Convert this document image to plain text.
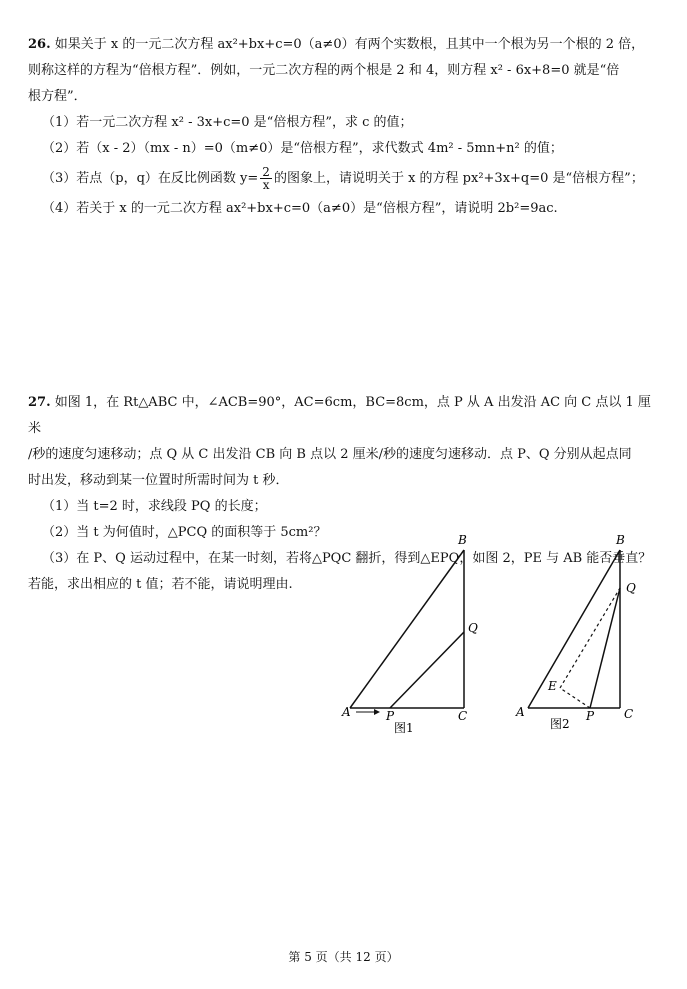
26. 如果关于 x 的一元二次方程 ax²+bx+c=0（a≠0）有两个实数根，且其中一个根为另一个根的 2 倍，

则称这样的方程为“倍根方程”．例如，一元二次方程的两个根是 2 和 4，则方程 x² - 6x+8=0 就是“倍

根方程”．

（1）若一元二次方程 x² - 3x+c=0 是“倍根方程”，求 c 的值；

（2）若（x - 2）（mx - n）=0（m≠0）是“倍根方程”，求代数式 4m² - 5mn+n² 的值；

（3）若点（p，q）在反比例函数 $y= \frac{2}{x}$ 的图象上，请说明关于 x 的方程 px²+3x+q=0 是“倍根方程”；

（4）若关于 x 的一元二次方程 ax²+bx+c=0（a≠0）是“倍根方程”，请说明 2b²=9ac.

27. 如图 1，在 Rt△ABC 中，∠ACB=90°，AC=6cm，BC=8cm，点 P 从 A 出发沿 AC 向 C 点以 1 厘米

/秒的速度匀速移动；点 Q 从 C 出发沿 CB 向 B 点以 2 厘米/秒的速度匀速移动．点 P、Q 分别从起点同

时出发，移动到某一位置时所需时间为 t 秒．

（1）当 t=2 时，求线段 PQ 的长度；

（2）当 t 为何值时，△PCQ 的面积等于 5cm²？

（3）在 P、Q 运动过程中，在某一时刻，若将△PQC 翻折，得到△EPQ，如图 2，PE 与 AB 能否垂直？

若能，求出相应的 t 值；若不能，请说明理由.

A	P	C
B
Q
图1
A	P C
B
Q
E
图2
第 5 页（共 12 页）
